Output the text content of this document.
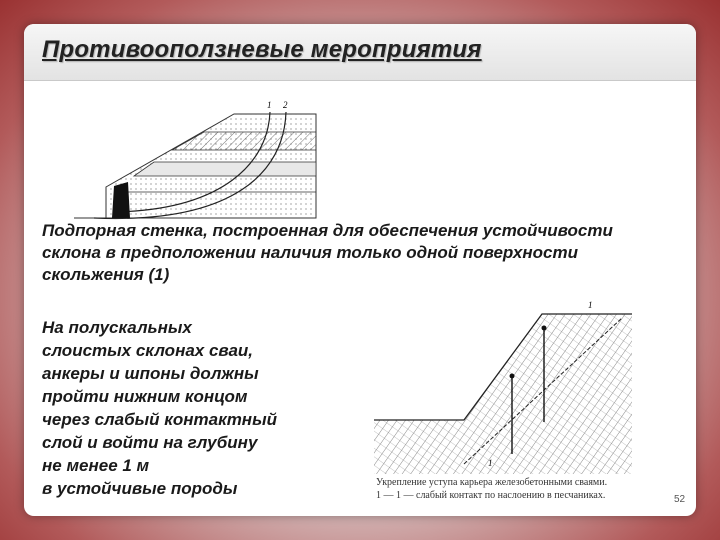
Противооползневые мероприятия
1 2

Подпорная стенка, построенная для обеспечения устойчивости склона в предположении наличия только одной поверхности скольжения (1)

На полускальных
слоистых склонах сваи,
анкеры и шпоны должны
пройти нижним концом
через слабый контактный
слой и войти на глубину
не менее 1 м
в устойчивые породы

1
1
Укрепление уступа карьера железобетонными сваями.
1 — 1 — слабый контакт по наслоению в песчаниках.	52
